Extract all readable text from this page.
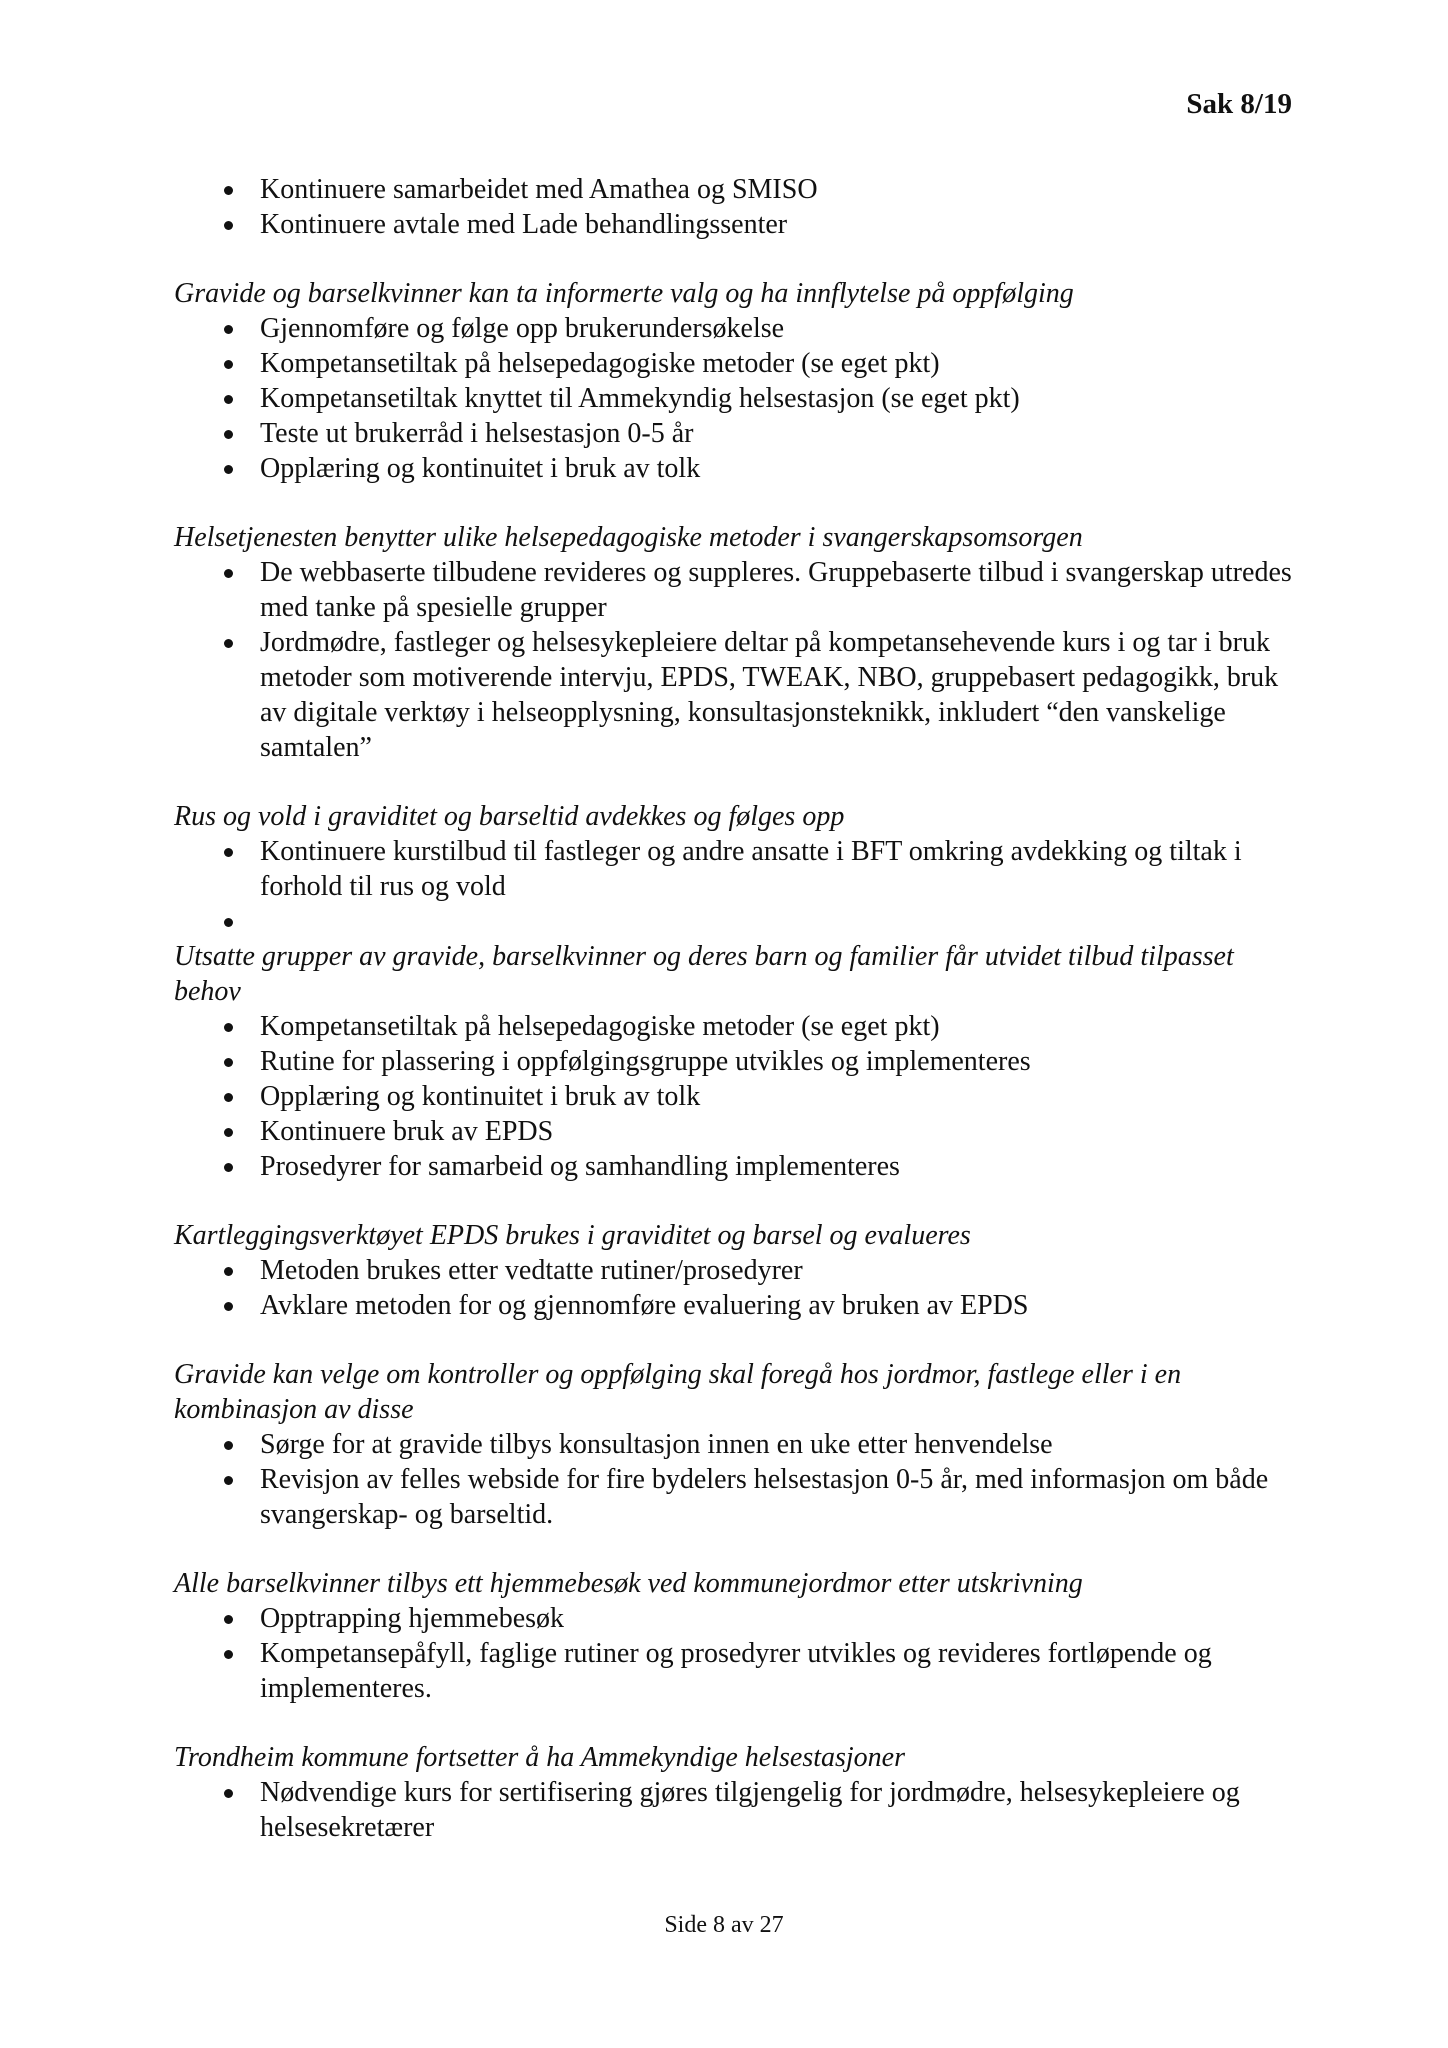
Sak 8/19
Kontinuere samarbeidet med Amathea og SMISO
Kontinuere avtale med Lade behandlingssenter

Gravide og barselkvinner kan ta informerte valg og ha innflytelse på oppfølging

Gjennomføre og følge opp brukerundersøkelse
Kompetansetiltak på helsepedagogiske metoder (se eget pkt)
Kompetansetiltak knyttet til Ammekyndig helsestasjon (se eget pkt)
Teste ut brukerråd i helsestasjon 0-5 år
Opplæring og kontinuitet i bruk av tolk

Helsetjenesten benytter ulike helsepedagogiske metoder i svangerskapsomsorgen

De webbaserte tilbudene revideres og suppleres. Gruppebaserte tilbud i svangerskap utredes med tanke på spesielle grupper
Jordmødre, fastleger og helsesykepleiere deltar på kompetansehevende kurs i og tar i bruk metoder som motiverende intervju, EPDS, TWEAK, NBO, gruppebasert pedagogikk, bruk av digitale verktøy i helseopplysning, konsultasjonsteknikk, inkludert “den vanskelige samtalen”

Rus og vold i graviditet og barseltid avdekkes og følges opp

Kontinuere kurstilbud til fastleger og andre ansatte i BFT omkring avdekking og tiltak i forhold til rus og vold

Utsatte grupper av gravide, barselkvinner og deres barn og familier får utvidet tilbud tilpasset behov

Kompetansetiltak på helsepedagogiske metoder (se eget pkt)
Rutine for plassering i oppfølgingsgruppe utvikles og implementeres
Opplæring og kontinuitet i bruk av tolk
Kontinuere bruk av EPDS
Prosedyrer for samarbeid og samhandling implementeres

Kartleggingsverktøyet EPDS brukes i graviditet og barsel og evalueres

Metoden brukes etter vedtatte rutiner/prosedyrer
Avklare metoden for og gjennomføre evaluering av bruken av EPDS

Gravide kan velge om kontroller og oppfølging skal foregå hos jordmor, fastlege eller i en kombinasjon av disse

Sørge for at gravide tilbys konsultasjon innen en uke etter henvendelse
Revisjon av felles webside for fire bydelers helsestasjon 0-5 år, med informasjon om både svangerskap- og barseltid.

Alle barselkvinner tilbys ett hjemmebesøk ved kommunejordmor etter utskrivning

Opptrapping hjemmebesøk
Kompetansepåfyll, faglige rutiner og prosedyrer utvikles og revideres fortløpende og implementeres.

Trondheim kommune fortsetter å ha Ammekyndige helsestasjoner

Nødvendige kurs for sertifisering gjøres tilgjengelig for jordmødre, helsesykepleiere og helsesekretærer
Side 8 av 27
